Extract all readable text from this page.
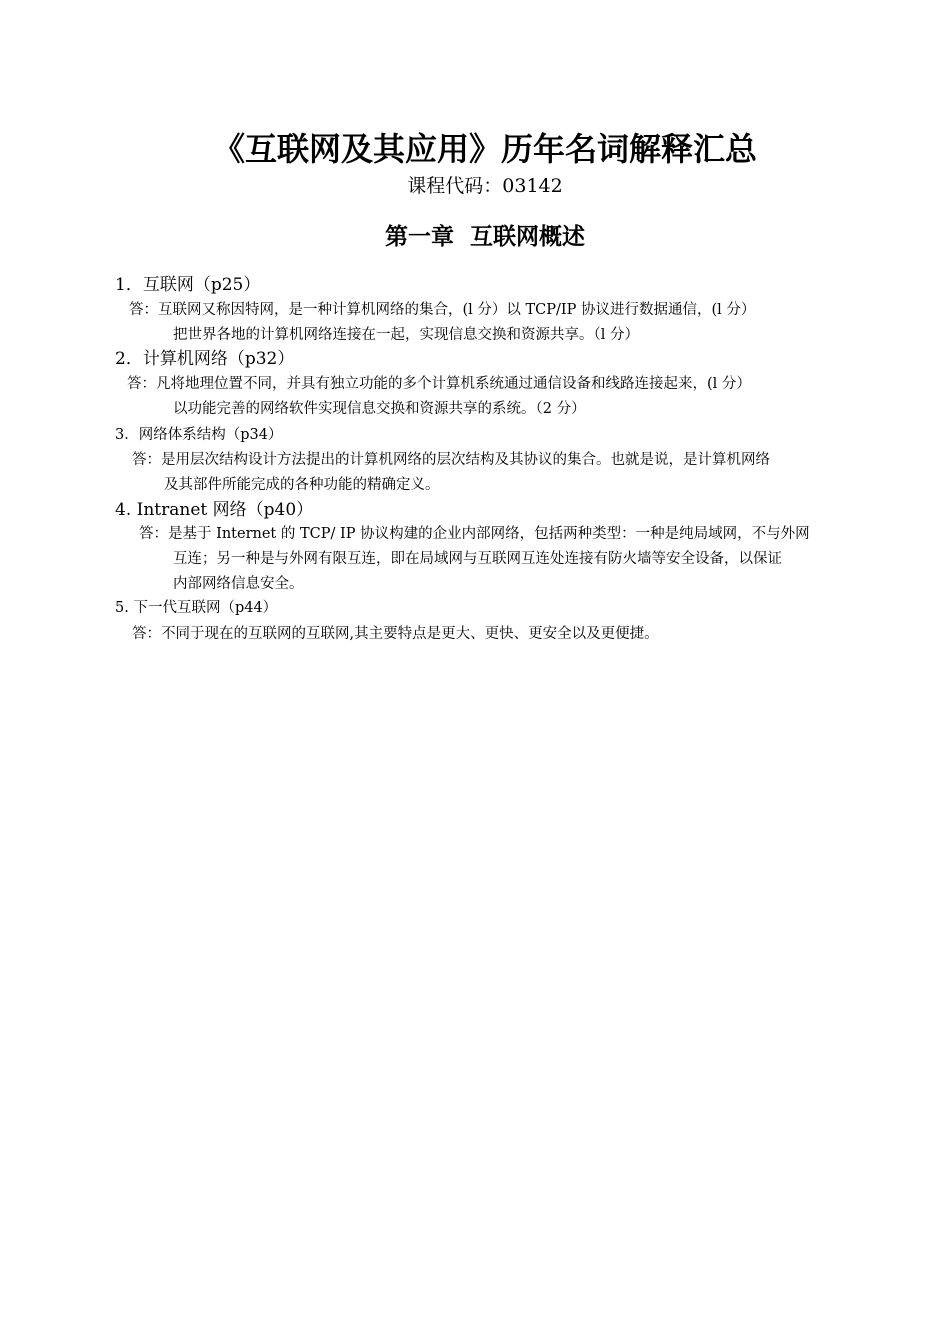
《互联网及其应用》历年名词解释汇总
课程代码：03142
第一章  互联网概述
1．互联网（p25）
答：互联网又称因特网，是一种计算机网络的集合，(l 分）以 TCP/IP 协议进行数据通信，(l 分）
把世界各地的计算机网络连接在一起，实现信息交换和资源共享。（l 分）
2．计算机网络（p32）
答：凡将地理位置不同，并具有独立功能的多个计算机系统通过通信设备和线路连接起来，(l 分）
以功能完善的网络软件实现信息交换和资源共享的系统。（2 分）
3．网络体系结构（p34）
答：是用层次结构设计方法提出的计算机网络的层次结构及其协议的集合。也就是说，是计算机网络
及其部件所能完成的各种功能的精确定义。
4. Intranet 网络（p40）
答：是基于 Internet 的 TCP/ IP 协议构建的企业内部网络，包括两种类型：一种是纯局域网，不与外网
互连；另一种是与外网有限互连，即在局域网与互联网互连处连接有防火墙等安全设备，以保证
内部网络信息安全。
5. 下一代互联网（p44）
答：不同于现在的互联网的互联网,其主要特点是更大、更快、更安全以及更便捷。
